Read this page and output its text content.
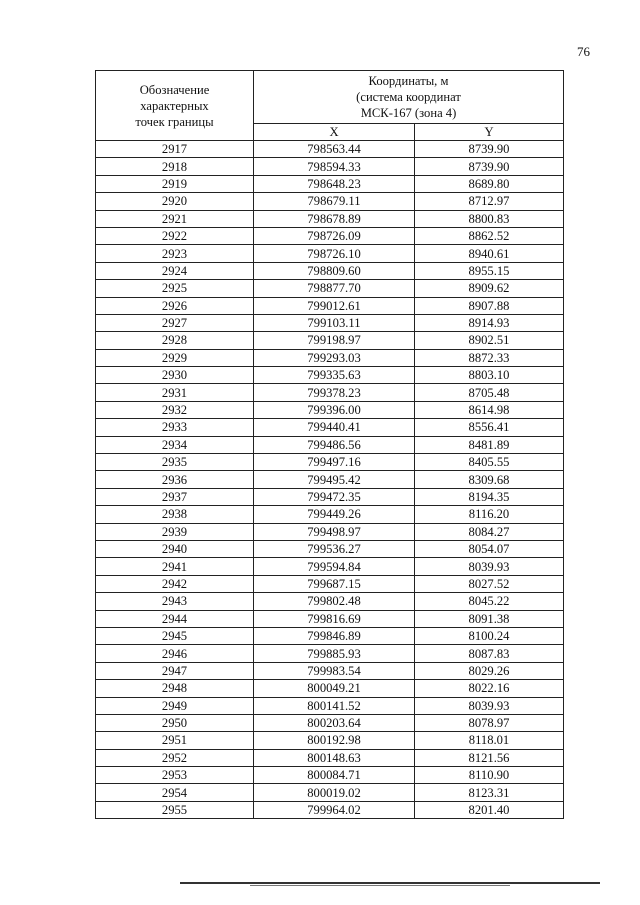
76
Обозначение
характерных
точек границы	Координаты, м
(система координат
МСК-167 (зона 4)	

	X	Y
2917	798563.44	8739.90
2918	798594.33	8739.90
2919	798648.23	8689.80
2920	798679.11	8712.97
2921	798678.89	8800.83
2922	798726.09	8862.52
2923	798726.10	8940.61
2924	798809.60	8955.15
2925	798877.70	8909.62
2926	799012.61	8907.88
2927	799103.11	8914.93
2928	799198.97	8902.51
2929	799293.03	8872.33
2930	799335.63	8803.10
2931	799378.23	8705.48
2932	799396.00	8614.98
2933	799440.41	8556.41
2934	799486.56	8481.89
2935	799497.16	8405.55
2936	799495.42	8309.68
2937	799472.35	8194.35
2938	799449.26	8116.20
2939	799498.97	8084.27
2940	799536.27	8054.07
2941	799594.84	8039.93
2942	799687.15	8027.52
2943	799802.48	8045.22
2944	799816.69	8091.38
2945	799846.89	8100.24
2946	799885.93	8087.83
2947	799983.54	8029.26
2948	800049.21	8022.16
2949	800141.52	8039.93
2950	800203.64	8078.97
2951	800192.98	8118.01
2952	800148.63	8121.56
2953	800084.71	8110.90
2954	800019.02	8123.31
2955	799964.02	8201.40
